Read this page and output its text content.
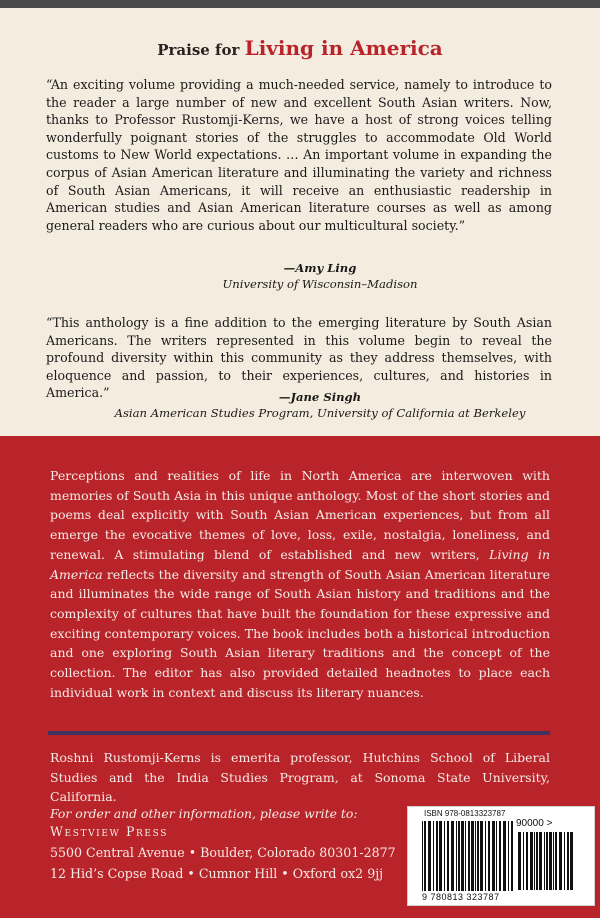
Praise for Living in America
“An exciting volume providing a much-needed service, namely to introduce to the reader a large number of new and excellent South Asian writers. Now, thanks to Professor Rustomji-Kerns, we have a host of strong voices telling wonderfully poignant stories of the struggles to accommodate Old World customs to New World expectations. … An important volume in expanding the corpus of Asian American literature and illuminating the variety and richness of South Asian Americans, it will receive an enthusiastic readership in American studies and Asian American literature courses as well as among general readers who are curious about our multicultural society.”
—Amy Ling
University of Wisconsin–Madison
“This anthology is a fine addition to the emerging literature by South Asian Americans. The writers represented in this volume begin to reveal the profound diversity within this community as they address themselves, with eloquence and passion, to their experiences, cultures, and histories in America.”	—Jane Singh
Asian American Studies Program, University of California at Berkeley
Perceptions and realities of life in North America are interwoven with memories of South Asia in this unique anthology. Most of the short stories and poems deal explicitly with South Asian American experiences, but from all emerge the evocative themes of love, loss, exile, nostalgia, loneliness, and renewal. A stimulating blend of established and new writers, Living in America reflects the diversity and strength of South Asian American literature and illuminates the wide range of South Asian history and traditions and the complexity of cultures that have built the foundation for these expressive and exciting contemporary voices. The book includes both a historical introduction and one exploring South Asian literary traditions and the concept of the collection. The editor has also provided detailed headnotes to place each individual work in context and discuss its literary nuances.
Roshni Rustomji-Kerns is emerita professor, Hutchins School of Liberal Studies and the India Studies Program, at Sonoma State University, California.
For order and other information, please write to:
Westview Press
5500 Central Avenue • Boulder, Colorado 80301-2877
12 Hid’s Copse Road • Cumnor Hill • Oxford ox2 9jj
ISBN 978-0813323787
90000 >
9 780813 323787
